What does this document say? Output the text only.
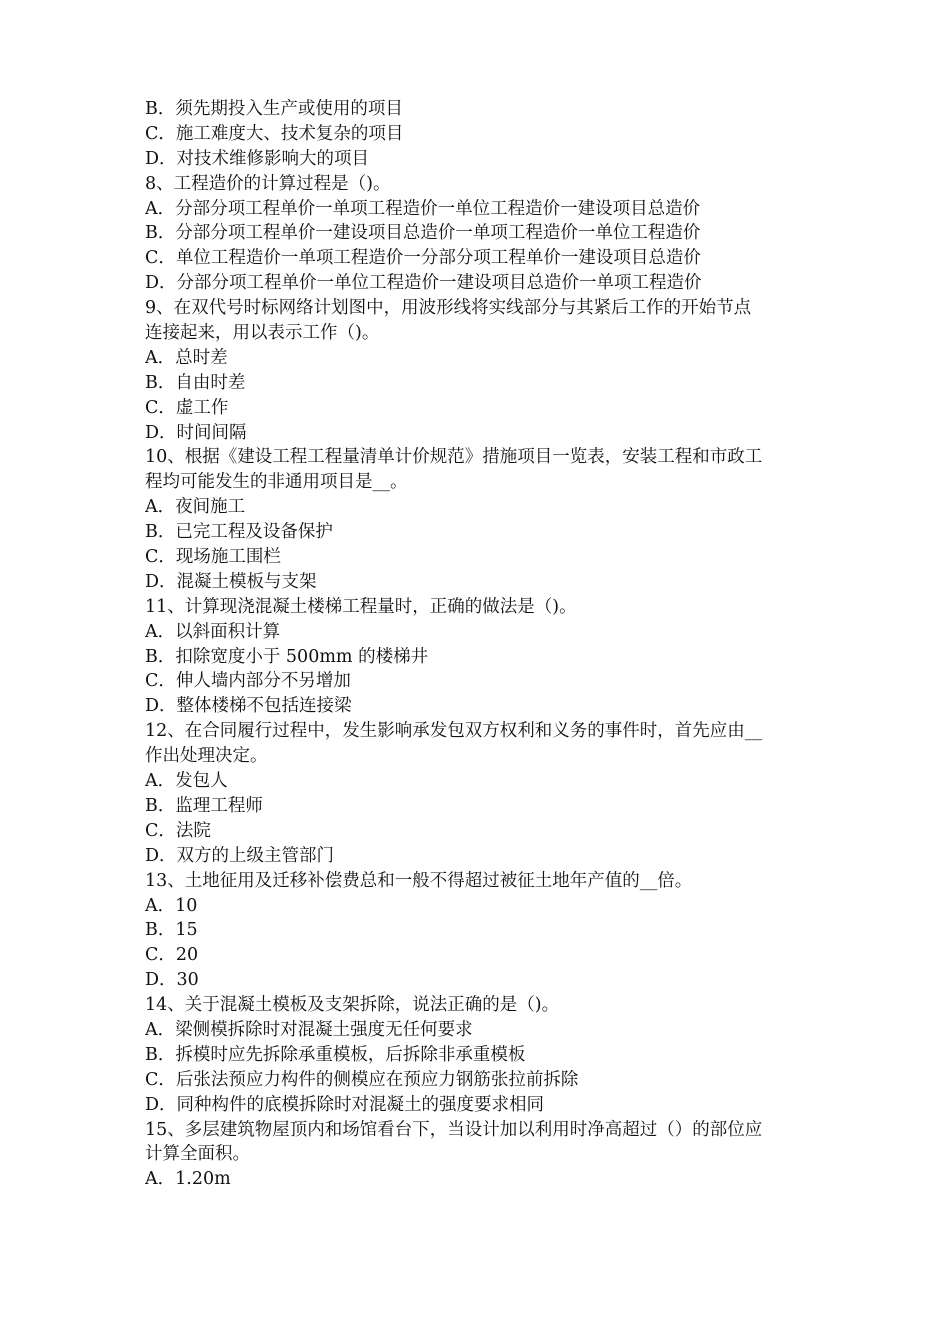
B．须先期投入生产或使用的项目
C．施工难度大、技术复杂的项目
D．对技术维修影响大的项目
8、工程造价的计算过程是（)。
A．分部分项工程单价一单项工程造价一单位工程造价一建设项目总造价
B．分部分项工程单价一建设项目总造价一单项工程造价一单位工程造价
C．单位工程造价一单项工程造价一分部分项工程单价一建设项目总造价
D．分部分项工程单价一单位工程造价一建设项目总造价一单项工程造价
9、在双代号时标网络计划图中，用波形线将实线部分与其紧后工作的开始节点
连接起来，用以表示工作（)。
A．总时差
B．自由时差
C．虚工作
D．时间间隔
10、根据《建设工程工程量清单计价规范》措施项目一览表，安装工程和市政工
程均可能发生的非通用项目是__。
A．夜间施工
B．已完工程及设备保护
C．现场施工围栏
D．混凝土模板与支架
11、计算现浇混凝土楼梯工程量时，正确的做法是（)。
A．以斜面积计算
B．扣除宽度小于 500mm 的楼梯井
C．伸人墙内部分不另增加
D．整体楼梯不包括连接梁
12、在合同履行过程中，发生影响承发包双方权利和义务的事件时，首先应由__
作出处理决定。
A．发包人
B．监理工程师
C．法院
D．双方的上级主管部门
13、土地征用及迁移补偿费总和一般不得超过被征土地年产值的__倍。
A．10
B．15
C．20
D．30
14、关于混凝土模板及支架拆除，说法正确的是（)。
A．梁侧模拆除时对混凝土强度无任何要求
B．拆模时应先拆除承重模板，后拆除非承重模板
C．后张法预应力构件的侧模应在预应力钢筋张拉前拆除
D．同种构件的底模拆除时对混凝土的强度要求相同
15、多层建筑物屋顶内和场馆看台下，当设计加以利用时净高超过（）的部位应
计算全面积。
A．1.20m
